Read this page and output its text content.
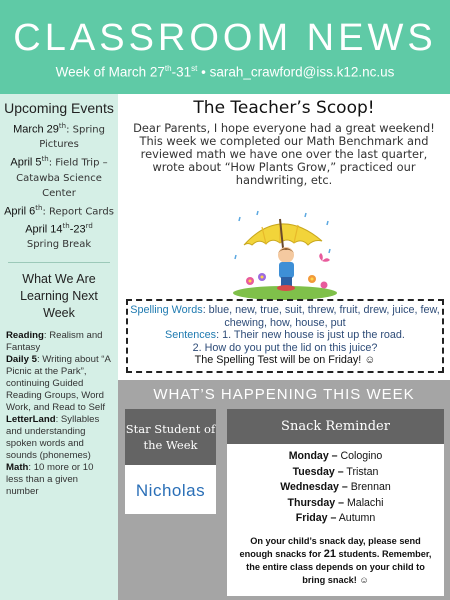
CLASSROOM NEWS
Week of March 27th-31st • sarah_crawford@iss.k12.nc.us
Upcoming Events
March 29th: Spring Pictures
April 5th: Field Trip – Catawba Science Center
April 6th: Report Cards
April 14th-23rd
Spring Break
What We Are Learning Next Week
Reading: Realism and Fantasy
Daily 5: Writing about “A Picnic at the Park”, continuing Guided Reading Groups, Word Work, and Read to Self
LetterLand: Syllables and understanding spoken words and sounds (phonemes)
Math: 10 more or 10 less than a given number
The Teacher’s Scoop!
Dear Parents, I hope everyone had a great weekend! This week we completed our Math Benchmark and reviewed math we have one over the last quarter, wrote about “How Plants Grow,” practiced our handwriting, etc.
Spelling Words: blue, new, true, suit, threw, fruit, drew, juice, few, chewing, how, house, put
Sentences: 1. Their new house is just up the road.
2. How do you put the lid on this juice?
The Spelling Test will be on Friday! ☺
WHAT’S HAPPENING THIS WEEK
Star Student of the Week
Nicholas
Snack Reminder
Monday – Cologino
Tuesday – Tristan
Wednesday – Brennan
Thursday – Malachi
Friday – Autumn
On your child’s snack day, please send enough snacks for 21 students. Remember, the entire class depends on your child to bring snack! ☺
